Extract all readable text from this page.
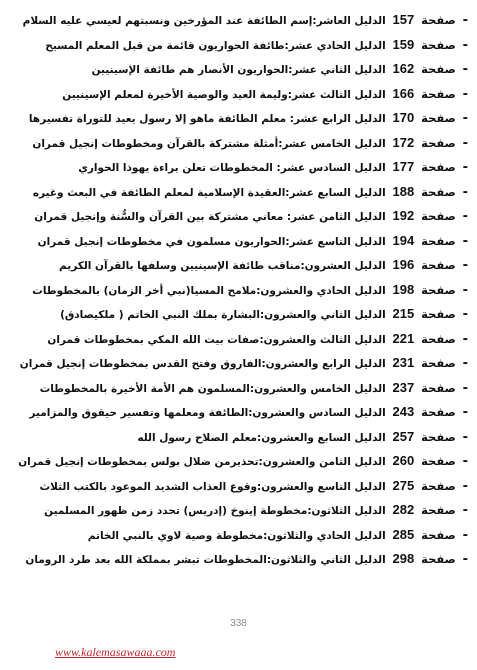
- صفحة 157 الدليل العاشر:إسم الطائفة عند المؤرخين ونسبتهم لعيسي عليه السلام
- صفحة 159 الدليل الحادي عشر:طائفة الحواريون قائمة من قبل المعلم المسيح
- صفحة 162 الدليل الثاني عشر:الحواريون الأنصار هم طائفة الإسينيين
- صفحة 166 الدليل الثالث عشر:وليمة العيد والوصية الأخيرة لمعلم الإسينيين
- صفحة 170 الدليل الرابع عشر: معلم الطائفة ماهو إلا رسول يعيد للتوراة تفسيرها
- صفحة 172 الدليل الخامس عشر:أمثلة مشتركة بالقرآن ومخطوطات إنجيل قمران
- صفحة 177 الدليل السادس عشر: المخطوطات تعلن براءة يهوذا الحواري
- صفحة 188 الدليل السابع عشر:العقيدة الإسلامية لمعلم الطائفة في البعث وغيره
- صفحة 192 الدليل الثامن عشر: معاني مشتركة بين القرآن والسُّنة وإنجيل قمران
- صفحة 194 الدليل التاسع عشر:الحواريون مسلمون في مخطوطات إنجيل قمران
- صفحة 196 الدليل العشرون:مناقب طائفة الإسينيين وسلفها بالقرآن الكريم
- صفحة 198 الدليل الحادي والعشرون:ملامح المسيا(نبي أخر الزمان) بالمخطوطات
- صفحة 215 الدليل الثاني والعشرون:البشارة بملك النبي الخاتم ( ملكيصادق)
- صفحة 221 الدليل الثالث والعشرون:صفات بيت الله المكي بمخطوطات قمران
- صفحة 231 الدليل الرابع والعشرون:الفاروق وفتح القدس بمخطوطات إنجيل قمران
- صفحة 237 الدليل الخامس والعشرون:المسلمون هم الأمة الأخيرة بالمخطوطات
- صفحة 243 الدليل السادس والعشرون:الطائفة ومعلمها وتفسير حيقوق والمزامير
- صفحة 257 الدليل السابع والعشرون:معلم الصلاح رسول الله
- صفحة 260 الدليل الثامن والعشرون:تحذيرمن ضلال بولس بمخطوطات إنجيل قمران
- صفحة 275 الدليل التاسع والعشرون:وقوع العذاب الشديد الموعود بالكتب الثلاث
- صفحة 282 الدليل الثلاثون:مخطوطة إينوخ (إدريس) تحدد زمن ظهور المسلمين
- صفحة 285 الدليل الحادي والثلاثون:مخطوطة وصية لاوي بالنبي الخاتم
- صفحة 298 الدليل الثاني والثلاثون:المخطوطات تبشر بمملكة الله بعد طرد الرومان
338
www.kalemasawaaa.com
